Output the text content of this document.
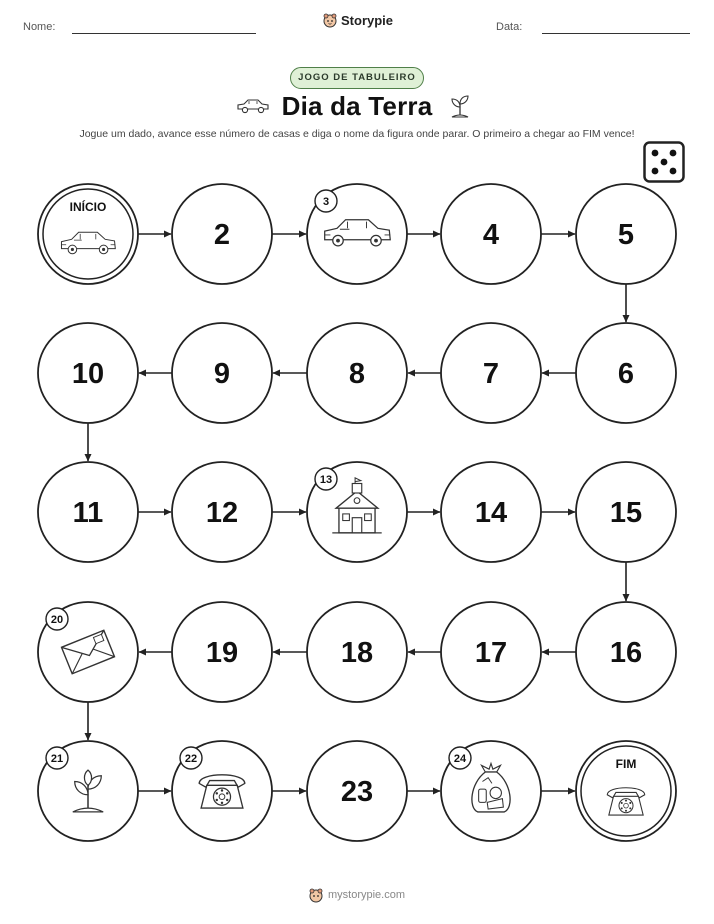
Nome:	Storypie	Data:
JOGO DE TABULEIRO
Dia da Terra
Jogue um dado, avance esse número de casas e diga o nome da figura onde parar. O primeiro a chegar ao FIM vence!
INÍCIO
2
3
4	5
6
7
8
9
10
11	12
13
14	15
16
17
18
19
20
21	22
23
24	FIM
mystorypie.com
